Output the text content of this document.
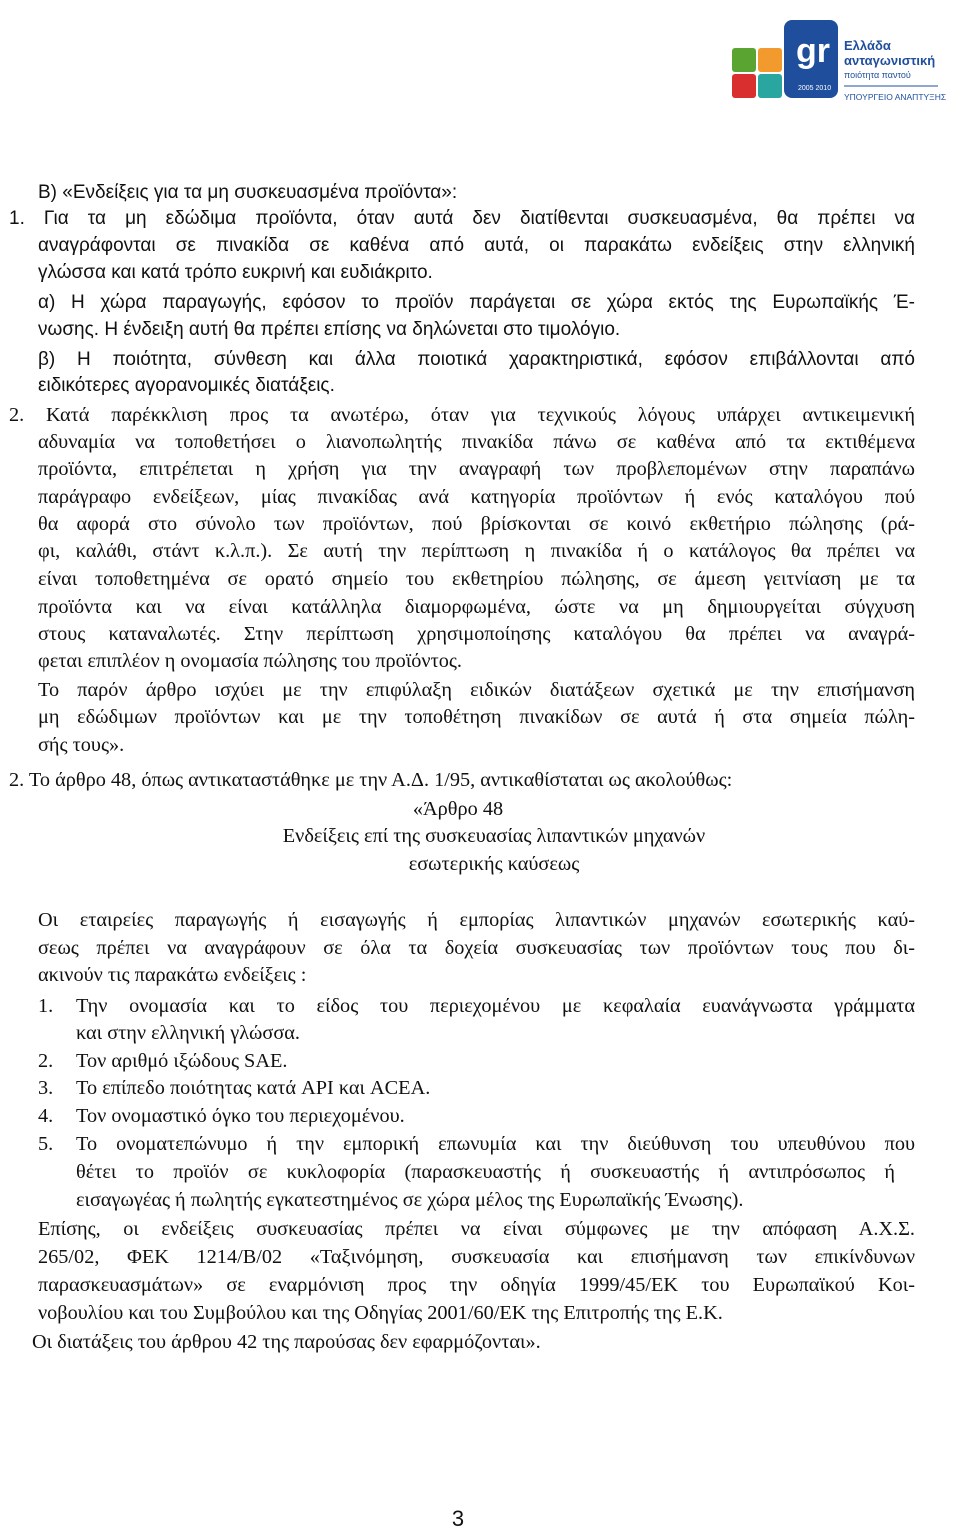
gr
2005 2010
Ελλάδα
ανταγωνιστική
ποιότητα παντού
ΥΠΟΥΡΓΕΙΟ ΑΝΑΠΤΥΞΗΣ
Β) «Ενδείξεις για τα μη συσκευασμένα προϊόντα»:
1. Για τα μη εδώδιμα προϊόντα, όταν αυτά δεν διατίθενται συσκευασμένα, θα πρέπει να
αναγράφονται σε πινακίδα σε καθένα από αυτά, οι παρακάτω ενδείξεις στην ελληνική
γλώσσα και κατά τρόπο ευκρινή και ευδιάκριτο.
α) Η χώρα παραγωγής, εφόσον το προϊόν παράγεται σε χώρα εκτός της Ευρωπαϊκής Έ-
νωσης. Η ένδειξη αυτή θα πρέπει επίσης να δηλώνεται στο τιμολόγιο.
β) Η ποιότητα, σύνθεση και άλλα ποιοτικά χαρακτηριστικά, εφόσον επιβάλλονται από
ειδικότερες αγορανομικές διατάξεις.
2. Κατά παρέκκλιση προς τα ανωτέρω, όταν για τεχνικούς λόγους υπάρχει αντικειμενική
αδυναμία να τοποθετήσει ο λιανοπωλητής πινακίδα πάνω σε καθένα από τα εκτιθέμενα
προϊόντα, επιτρέπεται η χρήση για την αναγραφή των προβλεπομένων στην παραπάνω
παράγραφο ενδείξεων, μίας πινακίδας ανά κατηγορία προϊόντων ή ενός καταλόγου πού
θα αφορά στο σύνολο των προϊόντων, πού βρίσκονται σε κοινό εκθετήριο πώλησης (ρά-
φι, καλάθι, στάντ κ.λ.π.). Σε αυτή την περίπτωση η πινακίδα ή ο κατάλογος θα πρέπει να
είναι τοποθετημένα σε ορατό σημείο του εκθετηρίου πώλησης, σε άμεση γειτνίαση με τα
προϊόντα και να είναι κατάλληλα διαμορφωμένα, ώστε να μη δημιουργείται σύγχυση
στους καταναλωτές. Στην περίπτωση χρησιμοποίησης καταλόγου θα πρέπει να αναγρά-
φεται επιπλέον η ονομασία πώλησης του προϊόντος.
Το παρόν άρθρο ισχύει με την επιφύλαξη ειδικών διατάξεων σχετικά με την επισήμανση
μη εδώδιμων προϊόντων και με την τοποθέτηση πινακίδων σε αυτά ή στα σημεία πώλη-
σής τους».
2. Το άρθρο 48, όπως αντικαταστάθηκε με την Α.Δ. 1/95, αντικαθίσταται ως ακολούθως:
«Άρθρο 48
Ενδείξεις επί της συσκευασίας λιπαντικών μηχανών
εσωτερικής καύσεως
Οι εταιρείες παραγωγής ή εισαγωγής ή εμπορίας λιπαντικών μηχανών εσωτερικής καύ-
σεως πρέπει να αναγράφουν σε όλα τα δοχεία συσκευασίας των προϊόντων τους που δι-
ακινούν τις παρακάτω ενδείξεις :
1. Την ονομασία και το είδος του περιεχομένου με κεφαλαία ευανάγνωστα γράμματα
και στην ελληνική γλώσσα.
2. Τον αριθμό ιξώδους SAE.
3. Το επίπεδο ποιότητας κατά API και ACEA.
4. Τον ονομαστικό όγκο του περιεχομένου.
5. Το ονοματεπώνυμο ή την εμπορική επωνυμία και την διεύθυνση του υπευθύνου που
θέτει το προϊόν σε κυκλοφορία (παρασκευαστής ή συσκευαστής ή αντιπρόσωπος ή
εισαγωγέας ή πωλητής εγκατεστημένος σε χώρα μέλος της Ευρωπαϊκής Ένωσης).
Επίσης, οι ενδείξεις συσκευασίας πρέπει να είναι σύμφωνες με την απόφαση Α.Χ.Σ.
265/02, ΦΕΚ 1214/Β/02 «Ταξινόμηση, συσκευασία και επισήμανση των επικίνδυνων
παρασκευασμάτων» σε εναρμόνιση προς την οδηγία 1999/45/ΕΚ του Ευρωπαϊκού Κοι-
νοβουλίου και του Συμβούλου και της Οδηγίας 2001/60/ΕΚ της Επιτροπής της Ε.Κ.
Οι διατάξεις του άρθρου 42 της παρούσας δεν εφαρμόζονται».
3
